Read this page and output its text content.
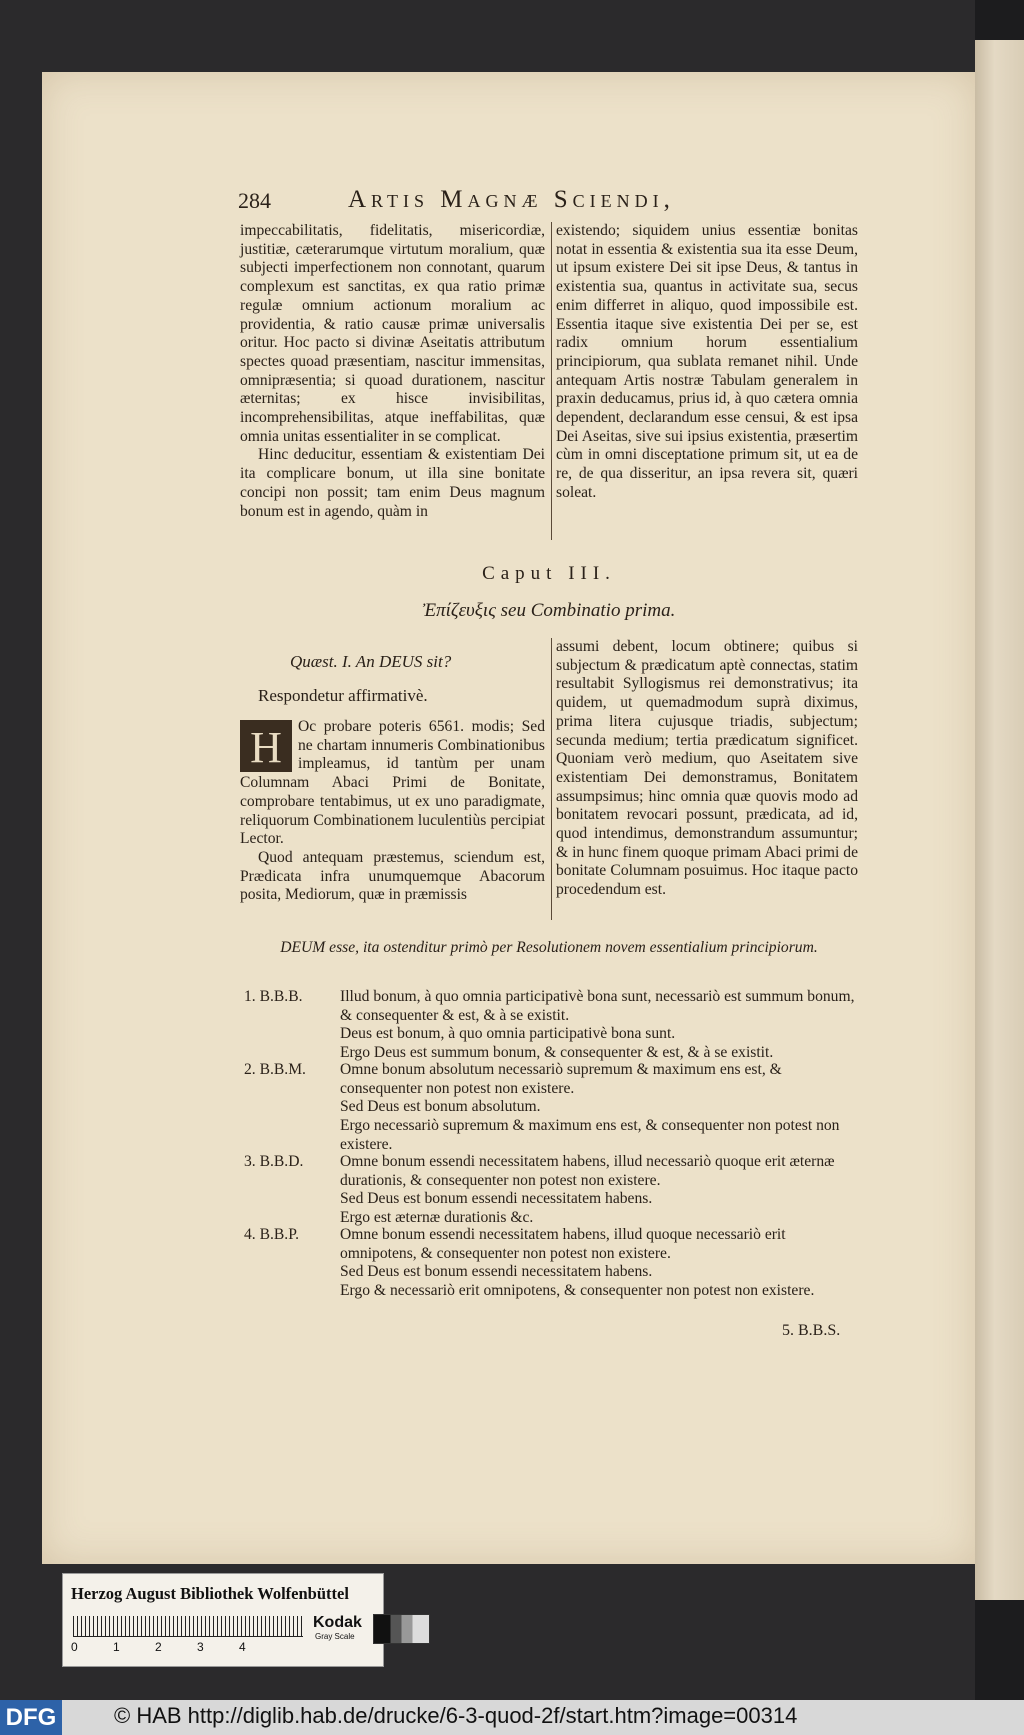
284	Artis Magnæ Sciendi,

impeccabilitatis, fidelitatis, misericordiæ, justitiæ, cæterarumque virtutum moralium, quæ subjecti imperfectionem non connotant, quarum complexum est sanctitas, ex qua ratio primæ regulæ omnium actionum moralium ac providentia, & ratio causæ primæ universalis oritur. Hoc pacto si divinæ Aseitatis attributum spectes quoad præsentiam, nascitur immensitas, omnipræsentia; si quoad durationem, nascitur æternitas; ex hisce invisibilitas, incomprehensibilitas, atque ineffabilitas, quæ omnia unitas essentialiter in se complicat.

Hinc deducitur, essentiam & existentiam Dei ita complicare bonum, ut illa sine bonitate concipi non possit; tam enim Deus magnum bonum est in agendo, quàm in

existendo; siquidem unius essentiæ bonitas notat in essentia & existentia sua ita esse Deum, ut ipsum existere Dei sit ipse Deus, & tantus in existentia sua, quantus in activitate sua, secus enim differret in aliquo, quod impossibile est. Essentia itaque sive existentia Dei per se, est radix omnium horum essentialium principiorum, qua sublata remanet nihil. Unde antequam Artis nostræ Tabulam generalem in praxin deducamus, prius id, à quo cætera omnia dependent, declarandum esse censui, & est ipsa Dei Aseitas, sive sui ipsius existentia, præsertim cùm in omni disceptatione primum sit, ut ea de re, de qua disseritur, an ipsa revera sit, quæri soleat.

Caput III.
Ἐπίζευξις seu Combinatio prima.
Quæst. I. An DEUS sit?
Respondetur affirmativè.
H	Oc probare poteris 6561. modis; Sed ne chartam innumeris Combinationibus impleamus, id tantùm per unam Columnam Abaci Primi de Bonitate, comprobare tentabimus, ut ex uno paradigmate, reliquorum Combinationem luculentiùs percipiat Lector.

Quod antequam præstemus, sciendum est, Prædicata infra unumquemque Abacorum posita, Mediorum, quæ in præmissis

assumi debent, locum obtinere; quibus si subjectum & prædicatum aptè connectas, statim resultabit Syllogismus rei demonstrativus; ita quidem, ut quemadmodum suprà diximus, prima litera cujusque triadis, subjectum; secunda medium; tertia prædicatum significet. Quoniam verò medium, quo Aseitatem sive existentiam Dei demonstramus, Bonitatem assumpsimus; hinc omnia quæ quovis modo ad bonitatem revocari possunt, prædicata, ad id, quod intendimus, demonstrandum assumuntur; & in hunc finem quoque primam Abaci primi de bonitate Columnam posuimus. Hoc itaque pacto procedendum est.

DEUM esse, ita ostenditur primò per Resolutionem novem essentialium principiorum.
1. B.B.B.	Illud bonum, à quo omnia participativè bona sunt, necessariò est summum bonum, & consequenter & est, & à se existit.
Deus est bonum, à quo omnia participativè bona sunt.
Ergo Deus est summum bonum, & consequenter & est, & à se existit.
2. B.B.M.	Omne bonum absolutum necessariò supremum & maximum ens est, & consequenter non potest non existere.
Sed Deus est bonum absolutum.
Ergo necessariò supremum & maximum ens est, & consequenter non potest non existere.
3. B.B.D.	Omne bonum essendi necessitatem habens, illud necessariò quoque erit æternæ durationis, & consequenter non potest non existere.
Sed Deus est bonum essendi necessitatem habens.
Ergo est æternæ durationis &c.
4. B.B.P.	Omne bonum essendi necessitatem habens, illud quoque necessariò erit omnipotens, & consequenter non potest non existere.
Sed Deus est bonum essendi necessitatem habens.
Ergo & necessariò erit omnipotens, & consequenter non potest non existere.
5. B.B.S.
Herzog August Bibliothek Wolfenbüttel
0	1	2	3	4
Kodak
Gray Scale
DFG	© HAB http://diglib.hab.de/drucke/6-3-quod-2f/start.htm?image=00314
